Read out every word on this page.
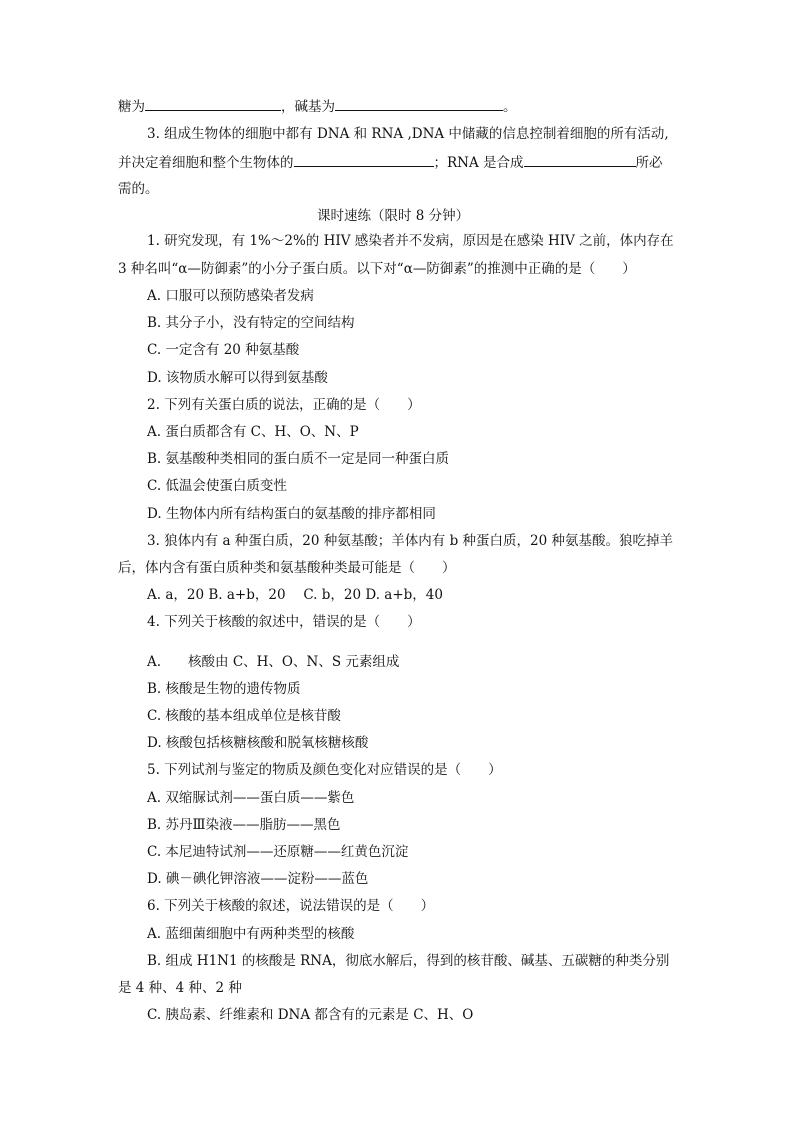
糖为	，碱基为	。
3. 组成生物体的细胞中都有 DNA 和 RNA ,DNA 中储藏的信息控制着细胞的所有活动,
并决定着细胞和整个生物体的	；RNA 是合成	所必
需的。
课时速练（限时 8 分钟）
1. 研究发现，有 1%～2%的 HIV 感染者并不发病，原因是在感染 HIV 之前，体内存在
3 种名叫“α—防御素”的小分子蛋白质。以下对“α—防御素”的推测中正确的是（　　）
A. 口服可以预防感染者发病
B. 其分子小，没有特定的空间结构
C. 一定含有 20 种氨基酸
D. 该物质水解可以得到氨基酸
2. 下列有关蛋白质的说法，正确的是（　　）
A. 蛋白质都含有 C、H、O、N、P
B. 氨基酸种类相同的蛋白质不一定是同一种蛋白质
C. 低温会使蛋白质变性
D. 生物体内所有结构蛋白的氨基酸的排序都相同
3. 狼体内有 a 种蛋白质，20 种氨基酸；羊体内有 b 种蛋白质，20 种氨基酸。狼吃掉羊
后，体内含有蛋白质种类和氨基酸种类最可能是（　　）
A. a，20 B. a+b，20　 C. b，20 D. a+b，40
4. 下列关于核酸的叙述中，错误的是（　　）
A.　　核酸由 C、H、O、N、S 元素组成
B. 核酸是生物的遗传物质
C. 核酸的基本组成单位是核苷酸
D. 核酸包括核糖核酸和脱氧核糖核酸
5. 下列试剂与鉴定的物质及颜色变化对应错误的是（　　）
A. 双缩脲试剂——蛋白质——紫色
B. 苏丹Ⅲ染液——脂肪——黑色
C. 本尼迪特试剂——还原糖——红黄色沉淀
D. 碘－碘化钾溶液——淀粉——蓝色
6. 下列关于核酸的叙述，说法错误的是（　　）
A. 蓝细菌细胞中有两种类型的核酸
B. 组成 H1N1 的核酸是 RNA，彻底水解后，得到的核苷酸、碱基、五碳糖的种类分别
是 4 种、4 种、2 种
C. 胰岛素、纤维素和 DNA 都含有的元素是 C、H、O
